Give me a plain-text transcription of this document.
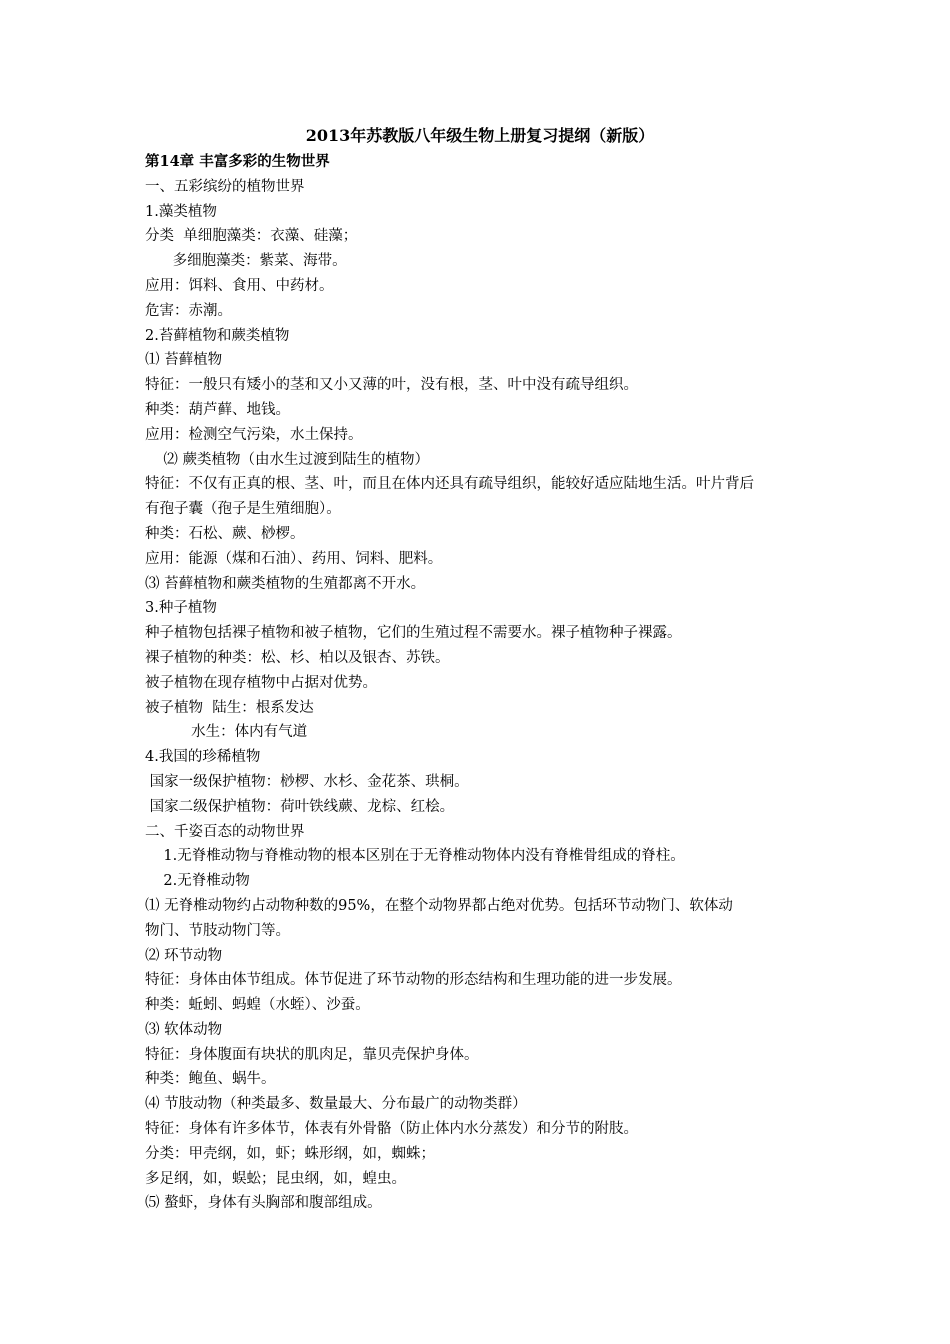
2013年苏教版八年级生物上册复习提纲（新版）
第14章 丰富多彩的生物世界
一、五彩缤纷的植物世界
1.藻类植物
分类  单细胞藻类：衣藻、硅藻；
多细胞藻类：紫菜、海带。
应用：饵料、食用、中药材。
危害：赤潮。
2.苔藓植物和蕨类植物
⑴ 苔藓植物
特征：一般只有矮小的茎和又小又薄的叶，没有根，茎、叶中没有疏导组织。
种类：葫芦藓、地钱。
应用：检测空气污染，水土保持。
⑵ 蕨类植物（由水生过渡到陆生的植物）
特征：不仅有正真的根、茎、叶，而且在体内还具有疏导组织，能较好适应陆地生活。叶片背后
有孢子囊（孢子是生殖细胞）。
种类：石松、蕨、桫椤。
应用：能源（煤和石油）、药用、饲料、肥料。
⑶ 苔藓植物和蕨类植物的生殖都离不开水。
3.种子植物
种子植物包括裸子植物和被子植物，它们的生殖过程不需要水。裸子植物种子裸露。
裸子植物的种类：松、杉、柏以及银杏、苏铁。
被子植物在现存植物中占据对优势。
被子植物  陆生：根系发达
水生：体内有气道
4.我国的珍稀植物
国家一级保护植物：桫椤、水杉、金花茶、珙桐。
国家二级保护植物：荷叶铁线蕨、龙棕、红桧。
二、千姿百态的动物世界
1.无脊椎动物与脊椎动物的根本区别在于无脊椎动物体内没有脊椎骨组成的脊柱。
2.无脊椎动物
⑴ 无脊椎动物约占动物种数的95%，在整个动物界都占绝对优势。包括环节动物门、软体动
物门、节肢动物门等。
⑵ 环节动物
特征：身体由体节组成。体节促进了环节动物的形态结构和生理功能的进一步发展。
种类：蚯蚓、蚂蝗（水蛭）、沙蚕。
⑶ 软体动物
特征：身体腹面有块状的肌肉足，靠贝壳保护身体。
种类：鲍鱼、蜗牛。
⑷ 节肢动物（种类最多、数量最大、分布最广的动物类群）
特征：身体有许多体节，体表有外骨骼（防止体内水分蒸发）和分节的附肢。
分类：甲壳纲，如，虾；蛛形纲，如，蜘蛛；
多足纲，如，蜈蚣；昆虫纲，如，蝗虫。
⑸ 螯虾，身体有头胸部和腹部组成。
